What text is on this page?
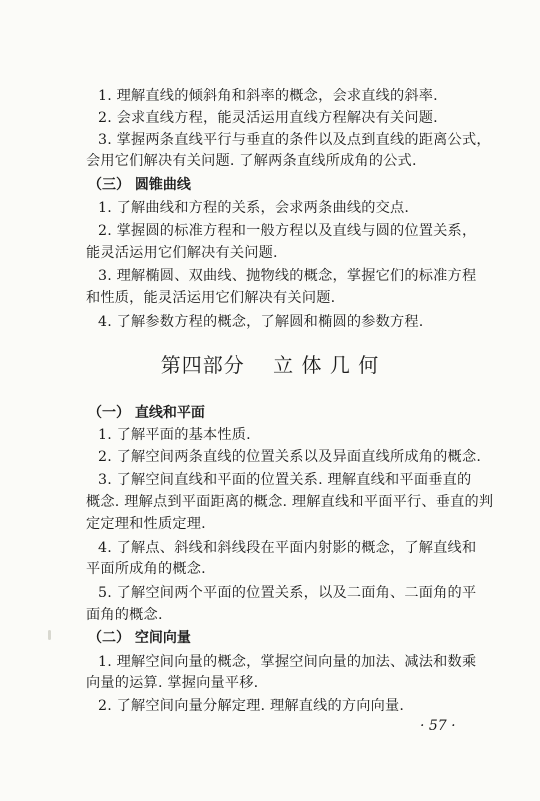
1. 理解直线的倾斜角和斜率的概念，会求直线的斜率.
2. 会求直线方程，能灵活运用直线方程解决有关问题.
3. 掌握两条直线平行与垂直的条件以及点到直线的距离公式，
会用它们解决有关问题. 了解两条直线所成角的公式.
（三） 圆锥曲线
1. 了解曲线和方程的关系，会求两条曲线的交点.
2. 掌握圆的标准方程和一般方程以及直线与圆的位置关系，
能灵活运用它们解决有关问题.
3. 理解椭圆、双曲线、抛物线的概念，掌握它们的标准方程
和性质，能灵活运用它们解决有关问题.
4. 了解参数方程的概念，了解圆和椭圆的参数方程.
第四部分　 立 体 几 何
（一） 直线和平面
1. 了解平面的基本性质.
2. 了解空间两条直线的位置关系以及异面直线所成角的概念.
3. 了解空间直线和平面的位置关系. 理解直线和平面垂直的
概念. 理解点到平面距离的概念. 理解直线和平面平行、垂直的判
定定理和性质定理.
4. 了解点、斜线和斜线段在平面内射影的概念，了解直线和
平面所成角的概念.
5. 了解空间两个平面的位置关系，以及二面角、二面角的平
面角的概念.
（二） 空间向量
1. 理解空间向量的概念，掌握空间向量的加法、减法和数乘
向量的运算. 掌握向量平移.
2. 了解空间向量分解定理. 理解直线的方向向量.
· 57 ·
